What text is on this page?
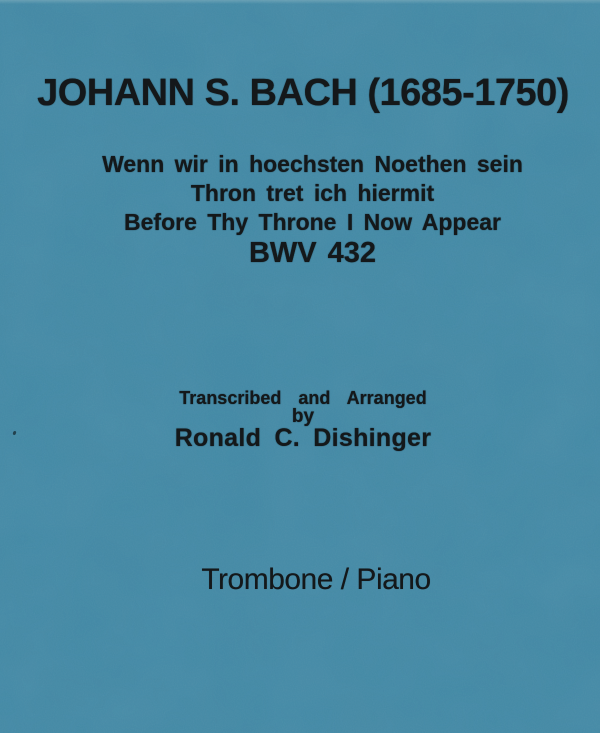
JOHANN S. BACH (1685-1750)
Wenn wir in hoechsten Noethen sein
Thron tret ich hiermit
Before Thy Throne I Now Appear
BWV 432
Transcribed and Arranged
by
Ronald C. Dishinger
Trombone / Piano
